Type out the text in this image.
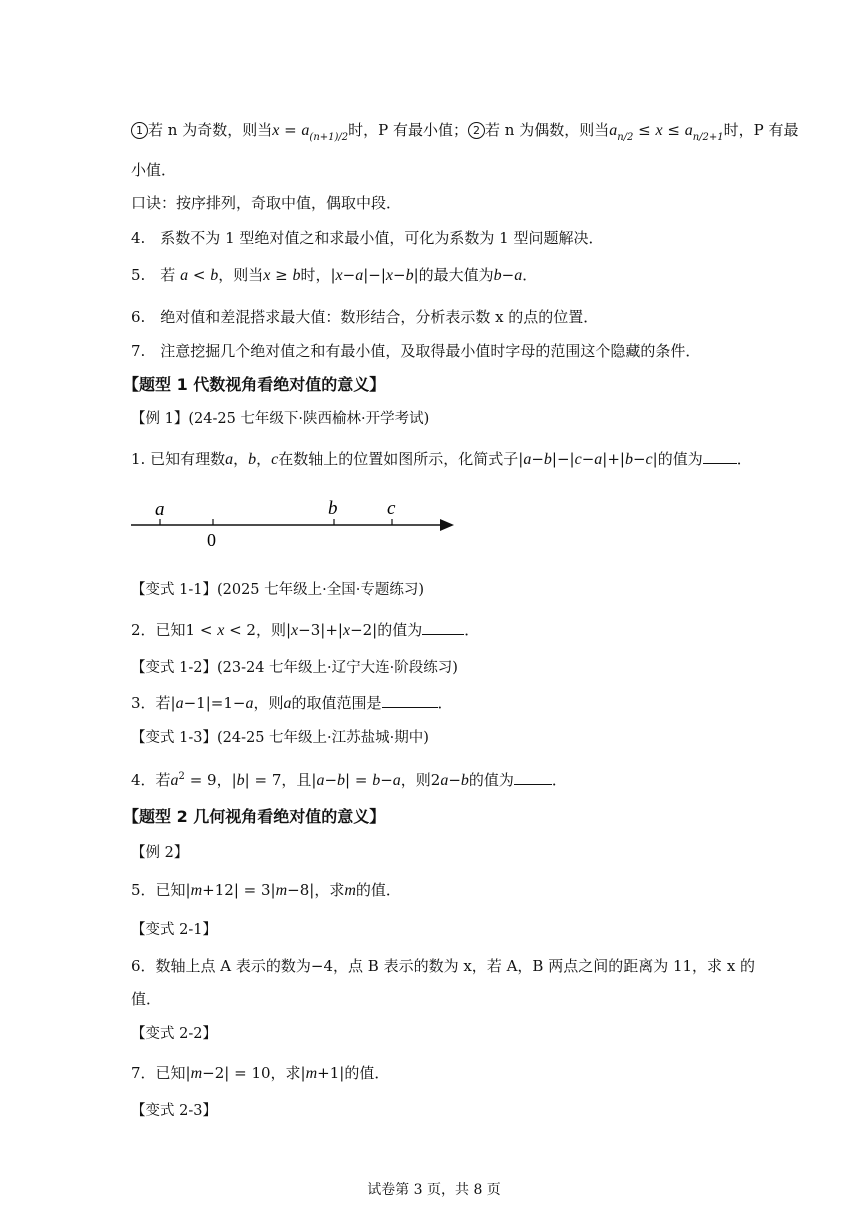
1 若 n 为奇数，则当$x = a_{(n+1)/2}$时，P 有最小值； 2 若 n 为偶数，则当$a_{n/2} \le x \le a_{n/2+1}$时，P 有最
小值．
口诀：按序排列，奇取中值，偶取中段．
4.　系数不为 1 型绝对值之和求最小值，可化为系数为 1 型问题解决．
5.　若 a < b，则当x ≥ b时，|x−a|−|x−b|的最大值为b−a．
6.　绝对值和差混搭求最大值：数形结合，分析表示数 x 的点的位置．
7.　注意挖掘几个绝对值之和有最小值，及取得最小值时字母的范围这个隐藏的条件．
【题型 1 代数视角看绝对值的意义】
【例 1】(24-25 七年级下·陕西榆林·开学考试)
1. 已知有理数a，b，c在数轴上的位置如图所示，化简式子|a−b|−|c−a|+|b−c|的值为 ．
a	b	c
0
【变式 1-1】(2025 七年级上·全国·专题练习)
2．已知1 < x < 2，则|x−3|+|x−2|的值为	．
【变式 1-2】(23-24 七年级上·辽宁大连·阶段练习)
3．若|a−1|=1−a，则a的取值范围是	．
【变式 1-3】(24-25 七年级上·江苏盐城·期中)
4．若$a^2 = 9$，|b| = 7，且|a−b| = b−a，则2a−b的值为	．
【题型 2 几何视角看绝对值的意义】
【例 2】
5．已知|m+12| = 3|m−8|，求m的值．
【变式 2-1】
6．数轴上点 A 表示的数为−4，点 B 表示的数为 x，若 A，B 两点之间的距离为 11，求 x 的
值．
【变式 2-2】
7．已知|m−2| = 10，求|m+1|的值．
【变式 2-3】
试卷第 3 页，共 8 页
